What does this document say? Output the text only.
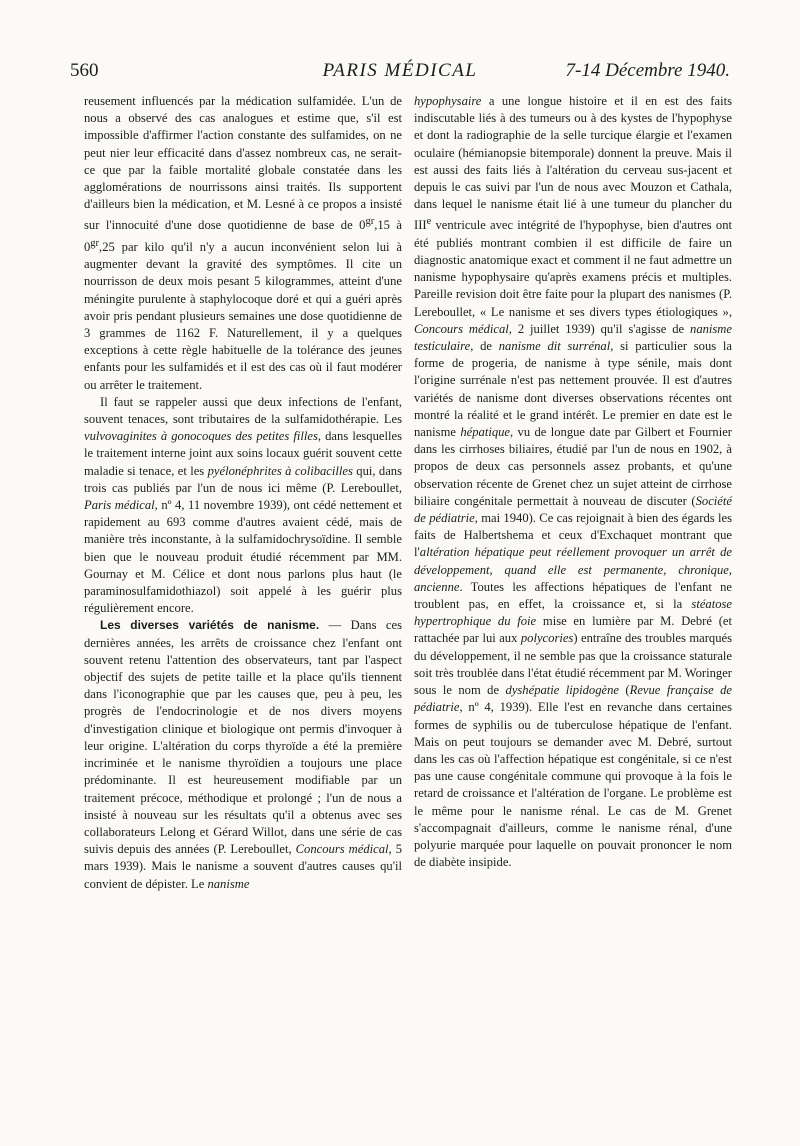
560	PARIS MÉDICAL	7-14 Décembre 1940.

reusement influencés par la médication sulfamidée. L'un de nous a observé des cas analogues et estime que, s'il est impossible d'affirmer l'action constante des sulfamides, on ne peut nier leur efficacité dans d'assez nombreux cas, ne serait-ce que par la faible mortalité globale constatée dans les agglomérations de nourrissons ainsi traités. Ils supportent d'ailleurs bien la médication, et M. Lesné à ce propos a insisté sur l'innocuité d'une dose quotidienne de base de $0^{gr},15$ à $0^{gr},25$ par kilo qu'il n'y a aucun inconvénient selon lui à augmenter devant la gravité des symptômes. Il cite un nourrisson de deux mois pesant 5 kilogrammes, atteint d'une méningite purulente à staphylocoque doré et qui a guéri après avoir pris pendant plusieurs semaines une dose quotidienne de 3 grammes de 1162 F. Naturellement, il y a quelques exceptions à cette règle habituelle de la tolérance des jeunes enfants pour les sulfamidés et il est des cas où il faut modérer ou arrêter le traitement.

Il faut se rappeler aussi que deux infections de l'enfant, souvent tenaces, sont tributaires de la sulfamidothérapie. Les vulvovaginites à gonocoques des petites filles, dans lesquelles le traitement interne joint aux soins locaux guérit souvent cette maladie si tenace, et les pyélonéphrites à colibacilles qui, dans trois cas publiés par l'un de nous ici même (P. Lereboullet, Paris médical, nº 4, 11 novembre 1939), ont cédé nettement et rapidement au 693 comme d'autres avaient cédé, mais de manière très inconstante, à la sulfamidochrysoïdine. Il semble bien que le nouveau produit étudié récemment par MM. Gournay et M. Célice et dont nous parlons plus haut (le paraminosulfamidothiazol) soit appelé à les guérir plus régulièrement encore.

Les diverses variétés de nanisme. — Dans ces dernières années, les arrêts de croissance chez l'enfant ont souvent retenu l'attention des observateurs, tant par l'aspect objectif des sujets de petite taille et la place qu'ils tiennent dans l'iconographie que par les causes que, peu à peu, les progrès de l'endocrinologie et de nos divers moyens d'investigation clinique et biologique ont permis d'invoquer à leur origine. L'altération du corps thyroïde a été la première incriminée et le nanisme thyroïdien a toujours une place prédominante. Il est heureusement modifiable par un traitement précoce, méthodique et prolongé ; l'un de nous a insisté à nouveau sur les résultats qu'il a obtenus avec ses collaborateurs Lelong et Gérard Willot, dans une série de cas suivis depuis des années (P. Lereboullet, Concours médical, 5 mars 1939). Mais le nanisme a souvent d'autres causes qu'il convient de dépister. Le nanisme

hypophysaire a une longue histoire et il en est des faits indiscutable liés à des tumeurs ou à des kystes de l'hypophyse et dont la radiographie de la selle turcique élargie et l'examen oculaire (hémianopsie bitemporale) donnent la preuve. Mais il est aussi des faits liés à l'altération du cerveau sus-jacent et depuis le cas suivi par l'un de nous avec Mouzon et Cathala, dans lequel le nanisme était lié à une tumeur du plancher du IIIe ventricule avec intégrité de l'hypophyse, bien d'autres ont été publiés montrant combien il est difficile de faire un diagnostic anatomique exact et comment il ne faut admettre un nanisme hypophysaire qu'après examens précis et multiples. Pareille revision doit être faite pour la plupart des nanismes (P. Lereboullet, « Le nanisme et ses divers types étiologiques », Concours médical, 2 juillet 1939) qu'il s'agisse de nanisme testiculaire, de nanisme dit surrénal, si particulier sous la forme de progeria, de nanisme à type sénile, mais dont l'origine surrénale n'est pas nettement prouvée. Il est d'autres variétés de nanisme dont diverses observations récentes ont montré la réalité et le grand intérêt. Le premier en date est le nanisme hépatique, vu de longue date par Gilbert et Fournier dans les cirrhoses biliaires, étudié par l'un de nous en 1902, à propos de deux cas personnels assez probants, et qu'une observation récente de Grenet chez un sujet atteint de cirrhose biliaire congénitale permettait à nouveau de discuter (Société de pédiatrie, mai 1940). Ce cas rejoignait à bien des égards les faits de Halbertshema et ceux d'Exchaquet montrant que l'altération hépatique peut réellement provoquer un arrêt de développement, quand elle est permanente, chronique, ancienne. Toutes les affections hépatiques de l'enfant ne troublent pas, en effet, la croissance et, si la stéatose hypertrophique du foie mise en lumière par M. Debré (et rattachée par lui aux polycories) entraîne des troubles marqués du développement, il ne semble pas que la croissance staturale soit très troublée dans l'état étudié récemment par M. Woringer sous le nom de dyshépatie lipidogène (Revue française de pédiatrie, nº 4, 1939). Elle l'est en revanche dans certaines formes de syphilis ou de tuberculose hépatique de l'enfant. Mais on peut toujours se demander avec M. Debré, surtout dans les cas où l'affection hépatique est congénitale, si ce n'est pas une cause congénitale commune qui provoque à la fois le retard de croissance et l'altération de l'organe. Le problème est le même pour le nanisme rénal. Le cas de M. Grenet s'accompagnait d'ailleurs, comme le nanisme rénal, d'une polyurie marquée pour laquelle on pouvait prononcer le nom de diabète insipide.
